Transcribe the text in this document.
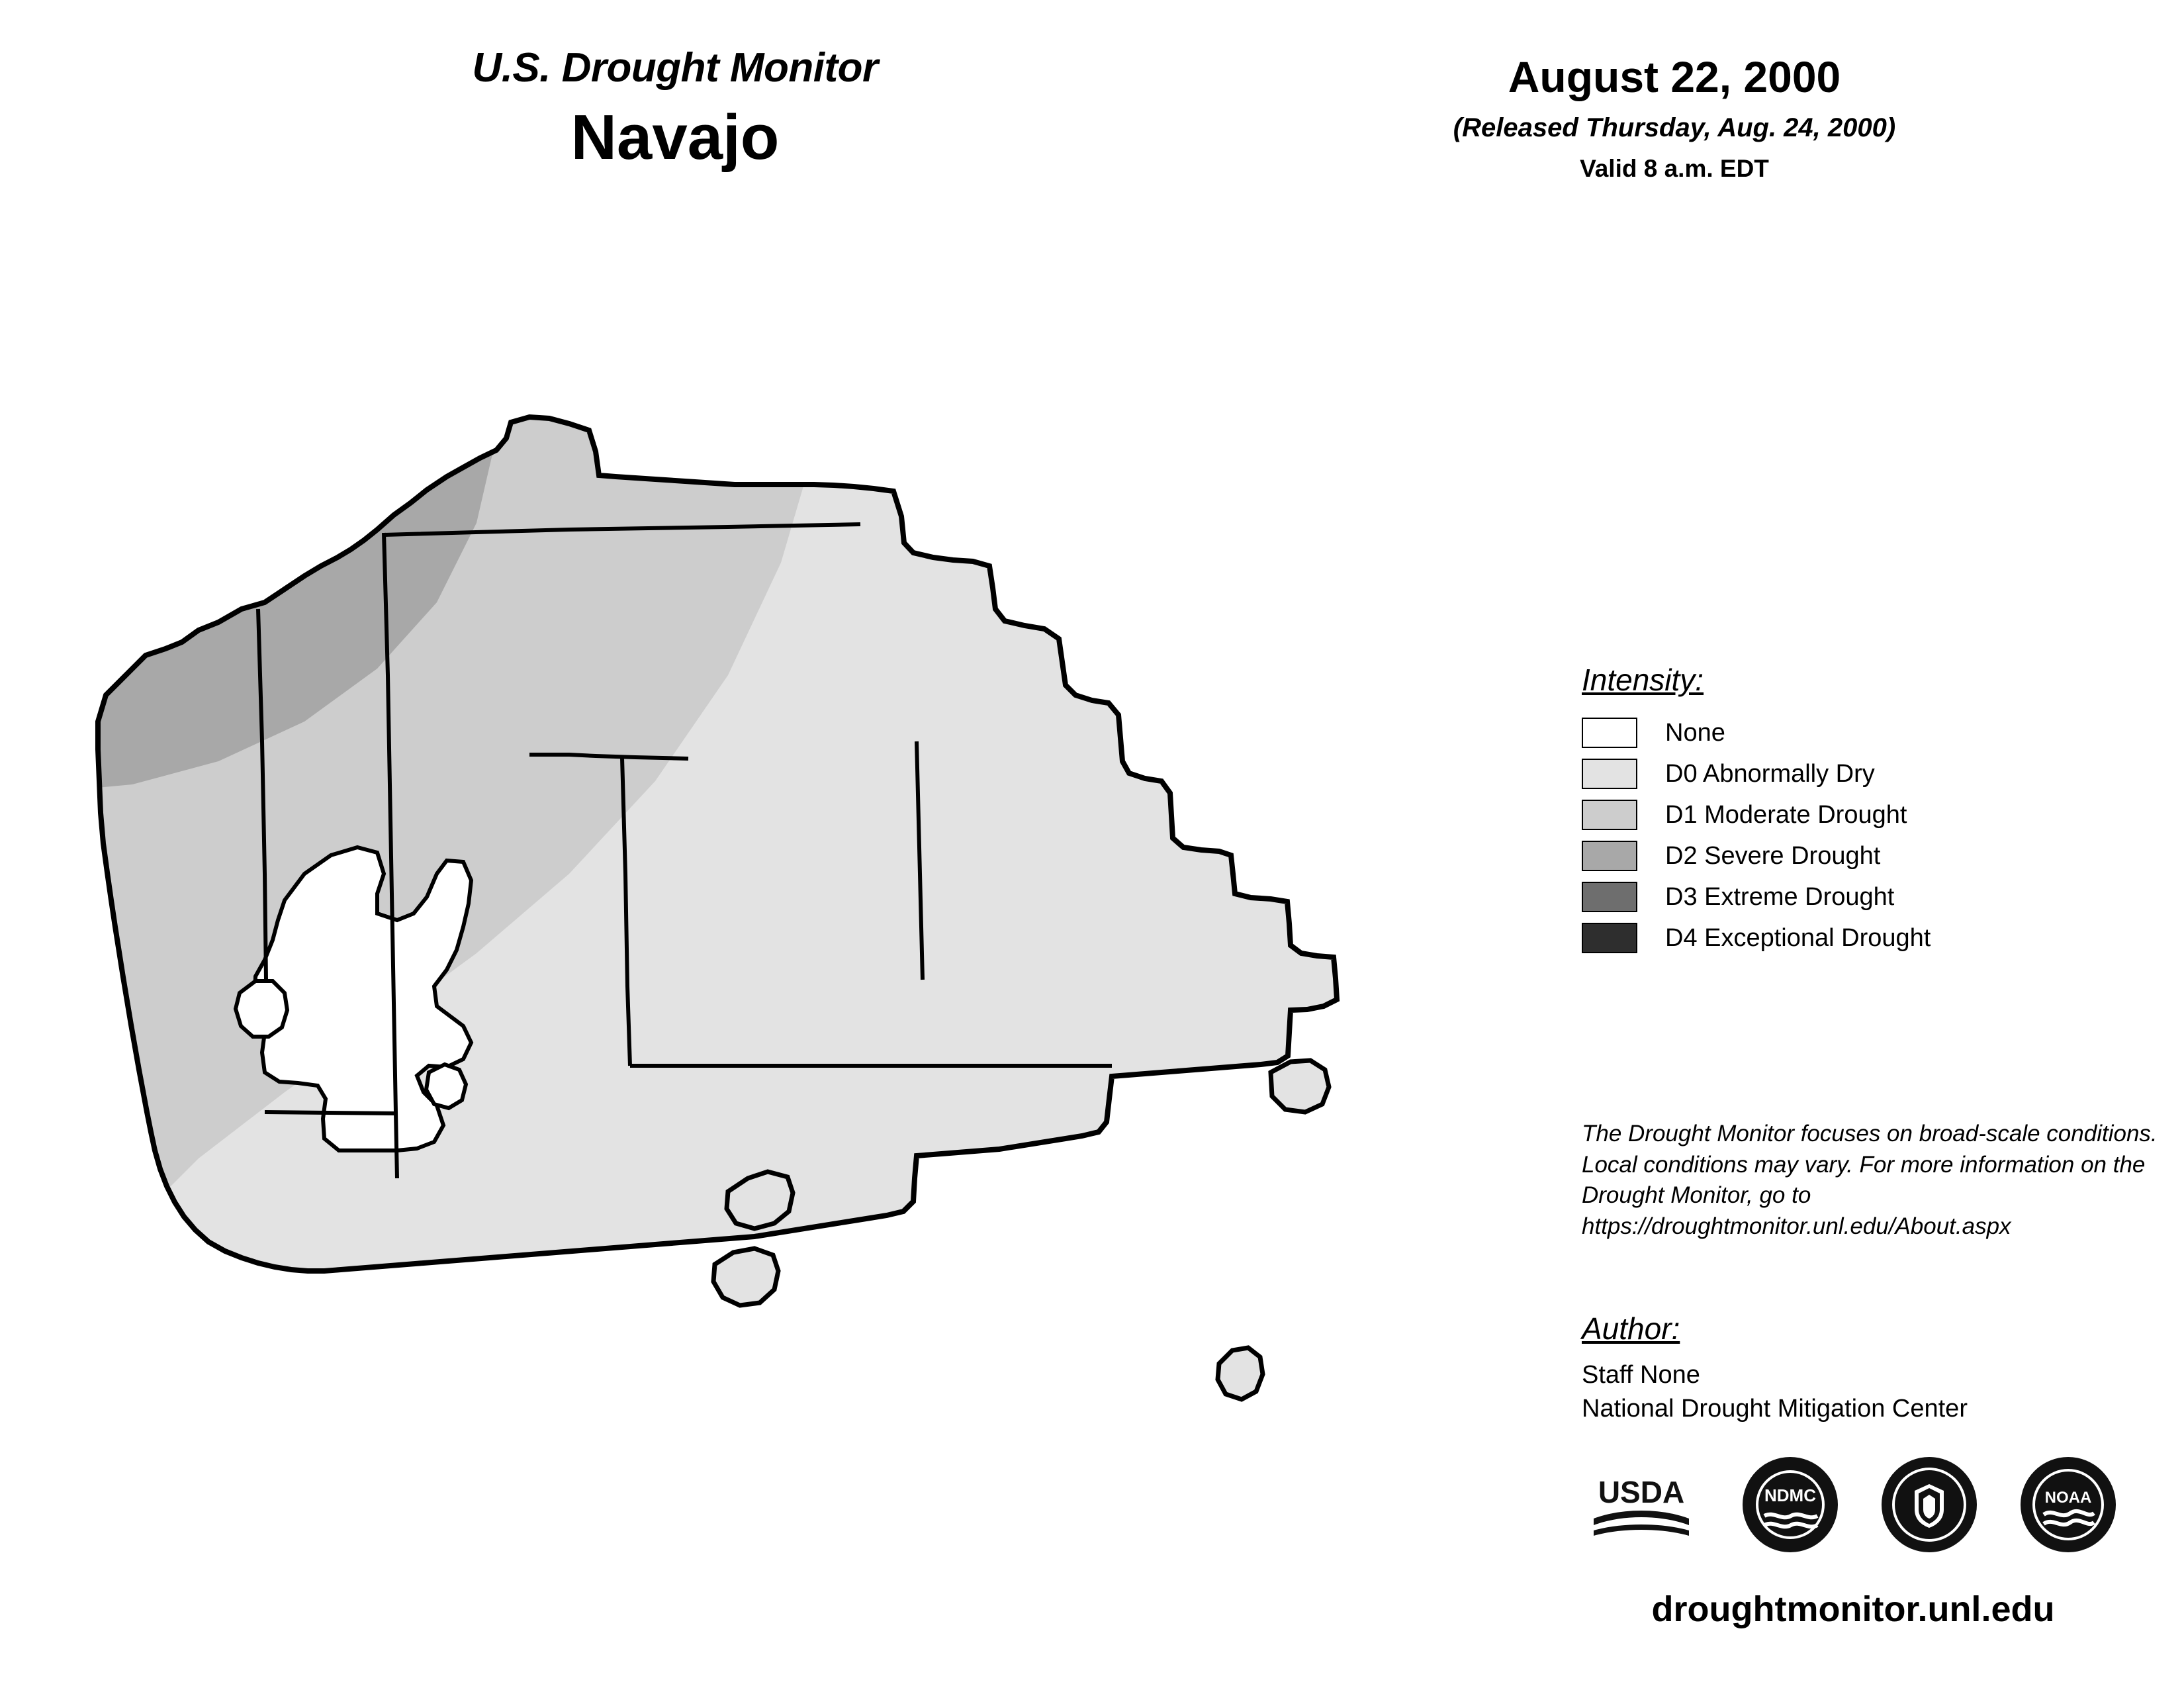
U.S. Drought Monitor
Navajo
August 22, 2000
(Released Thursday, Aug. 24, 2000)
Valid 8 a.m. EDT
Intensity:
None
D0 Abnormally Dry
D1 Moderate Drought
D2 Severe Drought
D3 Extreme Drought
D4 Exceptional Drought
The Drought Monitor focuses on broad-scale conditions. Local conditions may vary. For more information on the Drought Monitor, go to https://droughtmonitor.unl.edu/About.aspx
Author:
Staff None
National Drought Mitigation Center
USDA	NDMC	NOAA
droughtmonitor.unl.edu
